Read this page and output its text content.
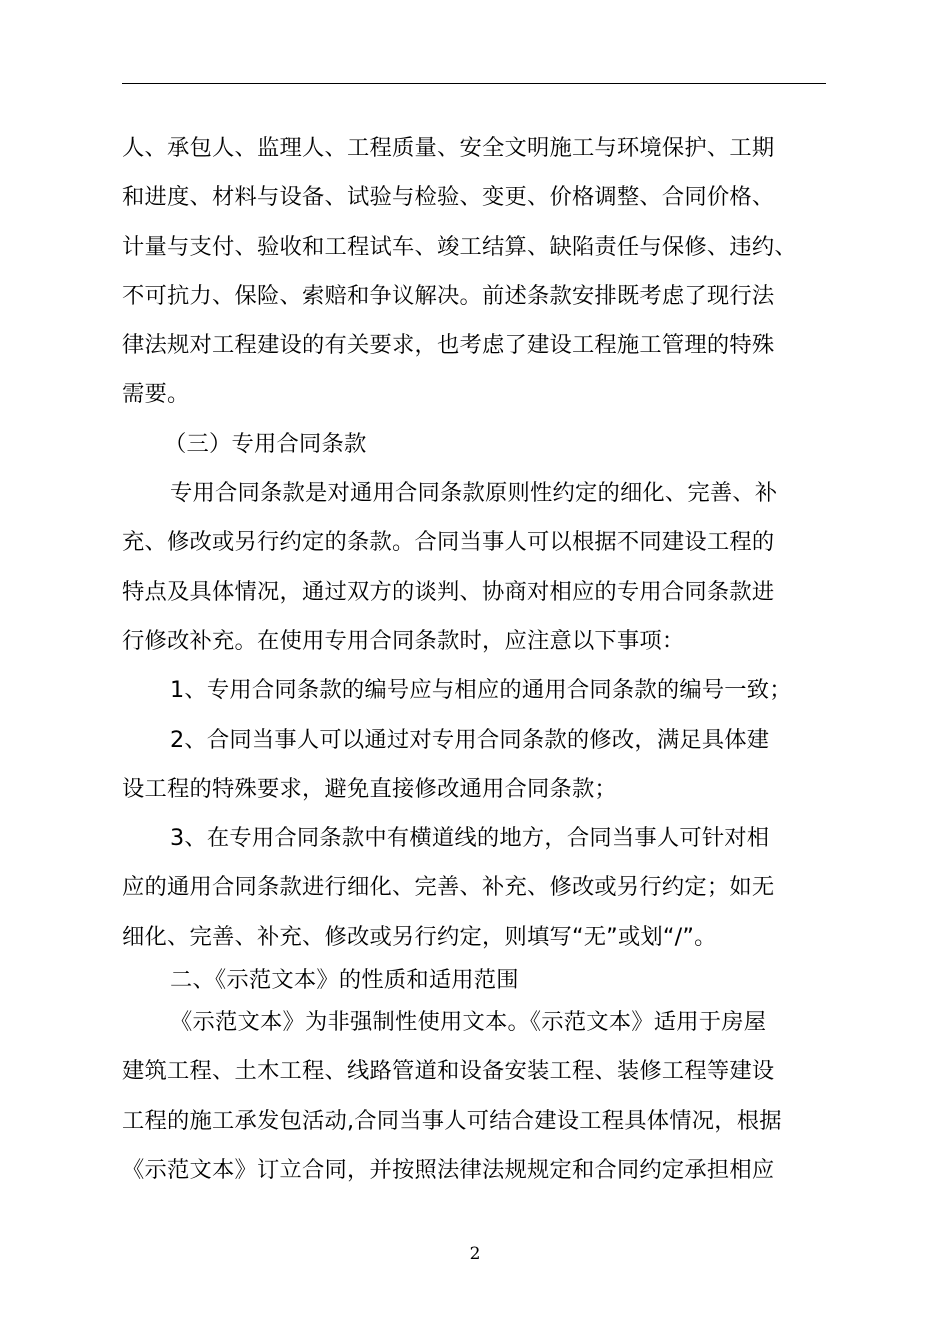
人、承包人、监理人、工程质量、安全文明施工与环境保护、工期
和进度、材料与设备、试验与检验、变更、价格调整、合同价格、
计量与支付、验收和工程试车、竣工结算、缺陷责任与保修、违约、
不可抗力、保险、索赔和争议解决。前述条款安排既考虑了现行法
律法规对工程建设的有关要求，也考虑了建设工程施工管理的特殊
需要。
（三）专用合同条款
专用合同条款是对通用合同条款原则性约定的细化、完善、补
充、修改或另行约定的条款。合同当事人可以根据不同建设工程的
特点及具体情况，通过双方的谈判、协商对相应的专用合同条款进
行修改补充。在使用专用合同条款时，应注意以下事项：
1、专用合同条款的编号应与相应的通用合同条款的编号一致；
2、合同当事人可以通过对专用合同条款的修改，满足具体建
设工程的特殊要求，避免直接修改通用合同条款；
3、在专用合同条款中有横道线的地方，合同当事人可针对相
应的通用合同条款进行细化、完善、补充、修改或另行约定；如无
细化、完善、补充、修改或另行约定，则填写“无”或划“/”。
二、《示范文本》的性质和适用范围
《示范文本》为非强制性使用文本。《示范文本》适用于房屋
建筑工程、土木工程、线路管道和设备安装工程、装修工程等建设
工程的施工承发包活动,合同当事人可结合建设工程具体情况，根据
《示范文本》订立合同，并按照法律法规规定和合同约定承担相应
2
